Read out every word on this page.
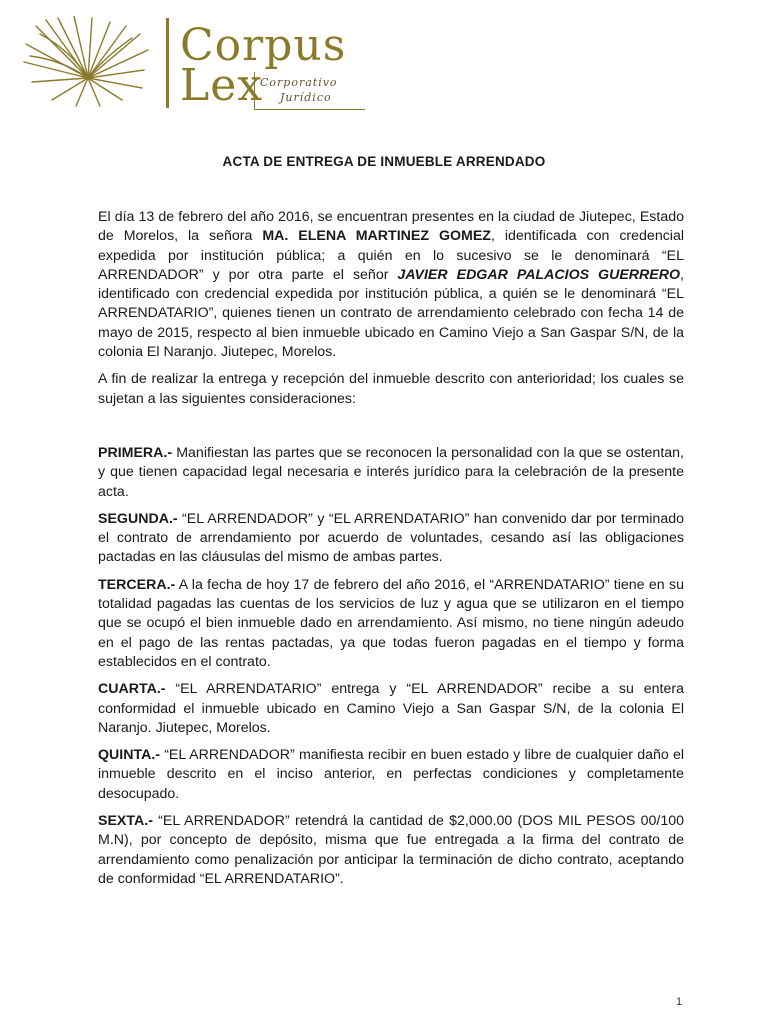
Corpus
Lex
Corporativo
Jurídico
ACTA DE ENTREGA DE INMUEBLE ARRENDADO

El día 13 de febrero del año 2016, se encuentran presentes en la ciudad de Jiutepec, Estado de Morelos, la señora MA. ELENA MARTINEZ GOMEZ, identificada con credencial expedida por institución pública; a quién en lo sucesivo se le denominará “EL ARRENDADOR” y por otra parte el señor JAVIER EDGAR PALACIOS GUERRERO, identificado con credencial expedida por institución pública, a quién se le denominará “EL ARRENDATARIO”, quienes tienen un contrato de arrendamiento celebrado con fecha 14 de mayo de 2015, respecto al bien inmueble ubicado en Camino Viejo a San Gaspar S/N, de la colonia El Naranjo. Jiutepec, Morelos.

A fin de realizar la entrega y recepción del inmueble descrito con anterioridad; los cuales se sujetan a las siguientes consideraciones:

PRIMERA.- Manifiestan las partes que se reconocen la personalidad con la que se ostentan, y que tienen capacidad legal necesaria e interés jurídico para la celebración de la presente acta.

SEGUNDA.- “EL ARRENDADOR” y “EL ARRENDATARIO” han convenido dar por terminado el contrato de arrendamiento por acuerdo de voluntades, cesando así las obligaciones pactadas en las cláusulas del mismo de ambas partes.

TERCERA.- A la fecha de hoy 17 de febrero del año 2016, el “ARRENDATARIO” tiene en su totalidad pagadas las cuentas de los servicios de luz y agua que se utilizaron en el tiempo que se ocupó el bien inmueble dado en arrendamiento. Así mismo, no tiene ningún adeudo en el pago de las rentas pactadas, ya que todas fueron pagadas en el tiempo y forma establecidos en el contrato.

CUARTA.- “EL ARRENDATARIO” entrega y “EL ARRENDADOR” recibe a su entera conformidad el inmueble ubicado en Camino Viejo a San Gaspar S/N, de la colonia El Naranjo. Jiutepec, Morelos.

QUINTA.- “EL ARRENDADOR” manifiesta recibir en buen estado y libre de cualquier daño el inmueble descrito en el inciso anterior, en perfectas condiciones y completamente desocupado.

SEXTA.- “EL ARRENDADOR” retendrá la cantidad de $2,000.00 (DOS MIL PESOS 00/100 M.N), por concepto de depósito, misma que fue entregada a la firma del contrato de arrendamiento como penalización por anticipar la terminación de dicho contrato, aceptando de conformidad “EL ARRENDATARIO”.

1
